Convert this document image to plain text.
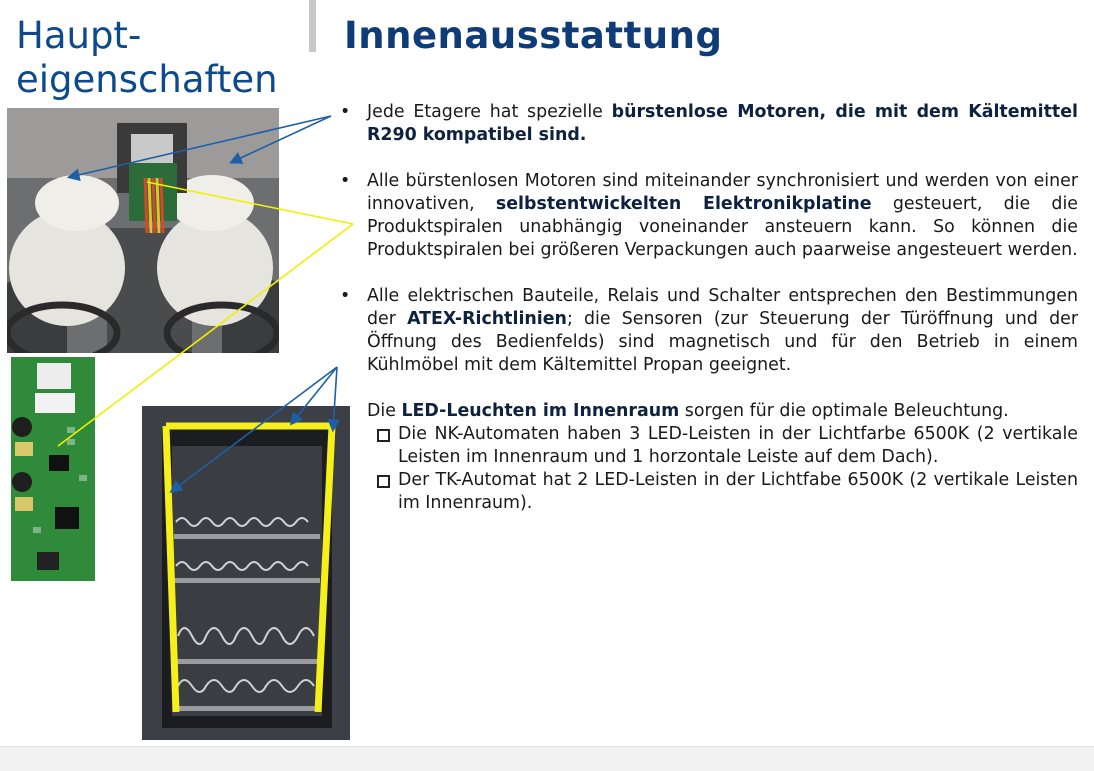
Haupt-
eigenschaften
Innenausstattung
• Jede Etagere hat spezielle bürstenlose Motoren, die mit dem Kältemittel R290 kompatibel sind.
• Alle bürstenlosen Motoren sind miteinander synchronisiert und werden von einer innovativen, selbstentwickelten Elektronikplatine gesteuert, die die Produktspiralen unabhängig voneinander ansteuern kann. So können die Produktspiralen bei größeren Verpackungen auch paarweise angesteuert werden.
• Alle elektrischen Bauteile, Relais und Schalter entsprechen den Bestimmungen der ATEX-Richtlinien; die Sensoren (zur Steuerung der Türöffnung und der Öffnung des Bedienfelds) sind magnetisch und für den Betrieb in einem Kühlmöbel mit dem Kältemittel Propan geeignet.
Die LED-Leuchten im Innenraum sorgen für die optimale Beleuchtung.
Die NK-Automaten haben 3 LED-Leisten in der Lichtfarbe 6500K (2 vertikale Leisten im Innenraum und 1 horzontale Leiste auf dem Dach).
Der TK-Automat hat 2 LED-Leisten in der Lichtfabe 6500K (2 vertikale Leisten im Innenraum).
